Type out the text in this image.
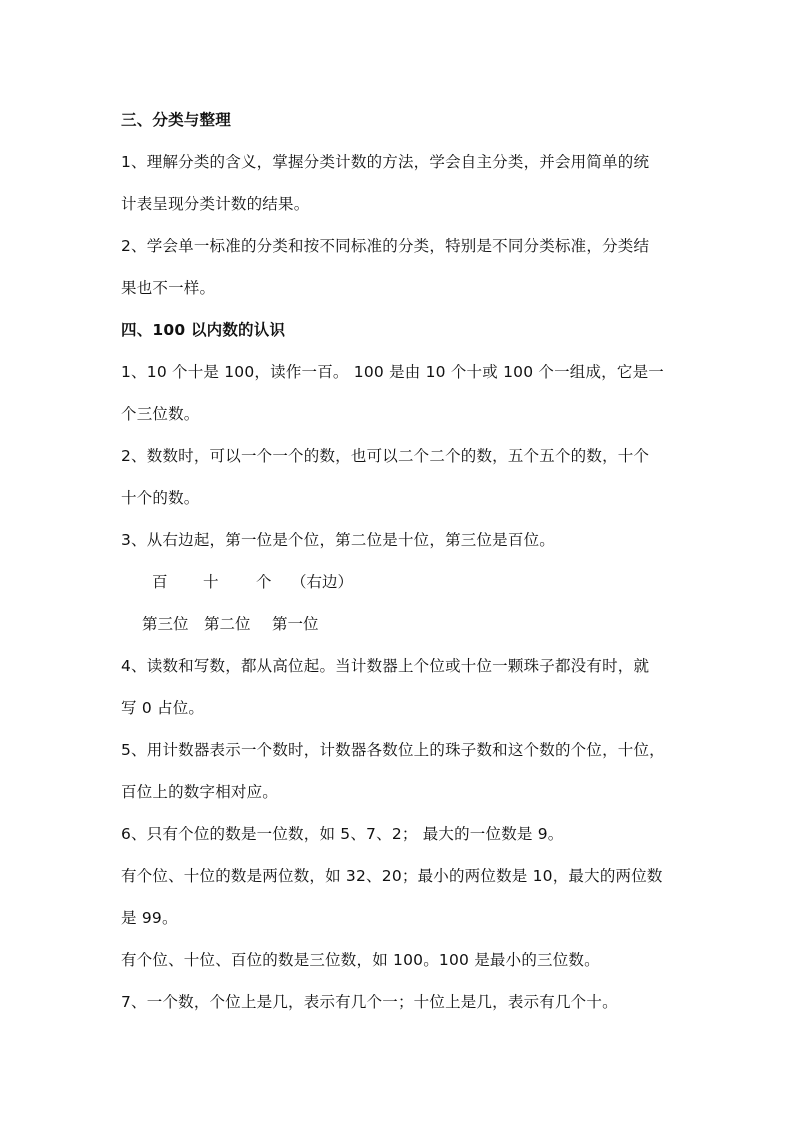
三、分类与整理
1、理解分类的含义，掌握分类计数的方法，学会自主分类，并会用简单的统
计表呈现分类计数的结果。
2、学会单一标准的分类和按不同标准的分类，特别是不同分类标准，分类结
果也不一样。
四、100 以内数的认识
1、10 个十是 100，读作一百。 100 是由 10 个十或 100 个一组成，它是一
个三位数。
2、数数时，可以一个一个的数，也可以二个二个的数，五个五个的数，十个
十个的数。
3、从右边起，第一位是个位，第二位是十位，第三位是百位。
百 十 个 （右边）
第三位 第二位 第一位
4、读数和写数，都从高位起。当计数器上个位或十位一颗珠子都没有时，就
写 0 占位。
5、用计数器表示一个数时，计数器各数位上的珠子数和这个数的个位，十位，
百位上的数字相对应。
6、只有个位的数是一位数，如 5、7、2； 最大的一位数是 9。
有个位、十位的数是两位数，如 32、20；最小的两位数是 10，最大的两位数
是 99。
有个位、十位、百位的数是三位数，如 100。100 是最小的三位数。
7、一个数，个位上是几，表示有几个一；十位上是几，表示有几个十。
